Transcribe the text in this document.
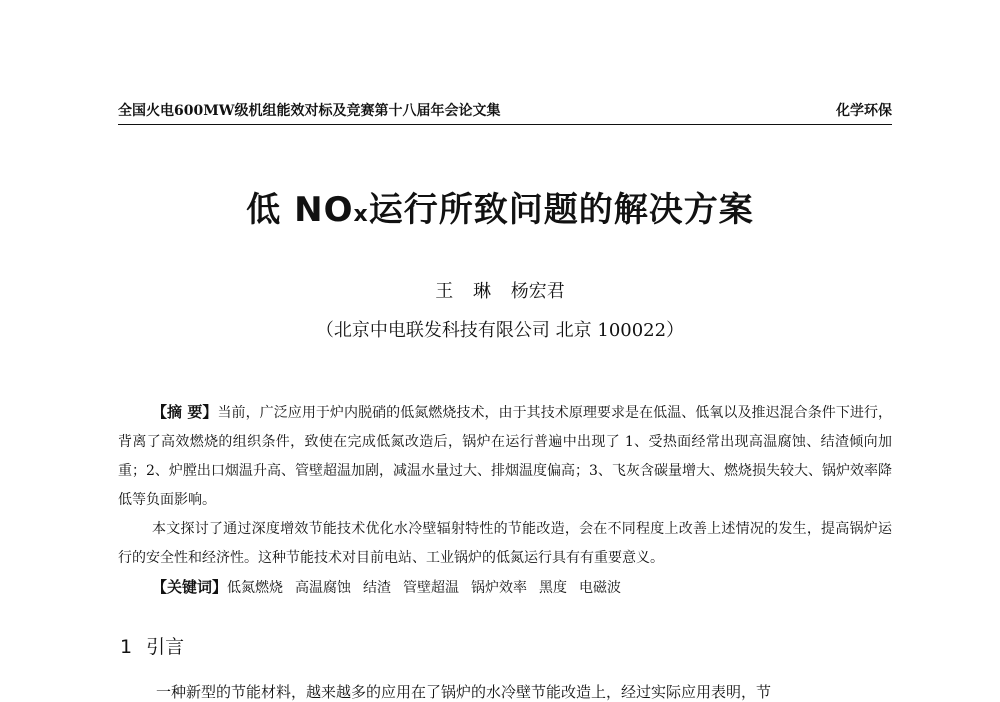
全国火电600MW级机组能效对标及竞赛第十八届年会论文集	化学环保
低 NOx运行所致问题的解决方案
王 琳 杨宏君
（北京中电联发科技有限公司 北京 100022）

【摘 要】当前，广泛应用于炉内脱硝的低氮燃烧技术，由于其技术原理要求是在低温、低氧以及推迟混合条件下进行，背离了高效燃烧的组织条件，致使在完成低氮改造后，锅炉在运行普遍中出现了 1、受热面经常出现高温腐蚀、结渣倾向加重；2、炉膛出口烟温升高、管壁超温加剧，减温水量过大、排烟温度偏高；3、飞灰含碳量增大、燃烧损失较大、锅炉效率降低等负面影响。

本文探讨了通过深度增效节能技术优化水冷壁辐射特性的节能改造，会在不同程度上改善上述情况的发生，提高锅炉运行的安全性和经济性。这种节能技术对目前电站、工业锅炉的低氮运行具有有重要意义。

【关键词】低氮燃烧 高温腐蚀 结渣 管壁超温 锅炉效率 黑度 电磁波

1 引言
一种新型的节能材料，越来越多的应用在了锅炉的水冷壁节能改造上，经过实际应用表明，节
